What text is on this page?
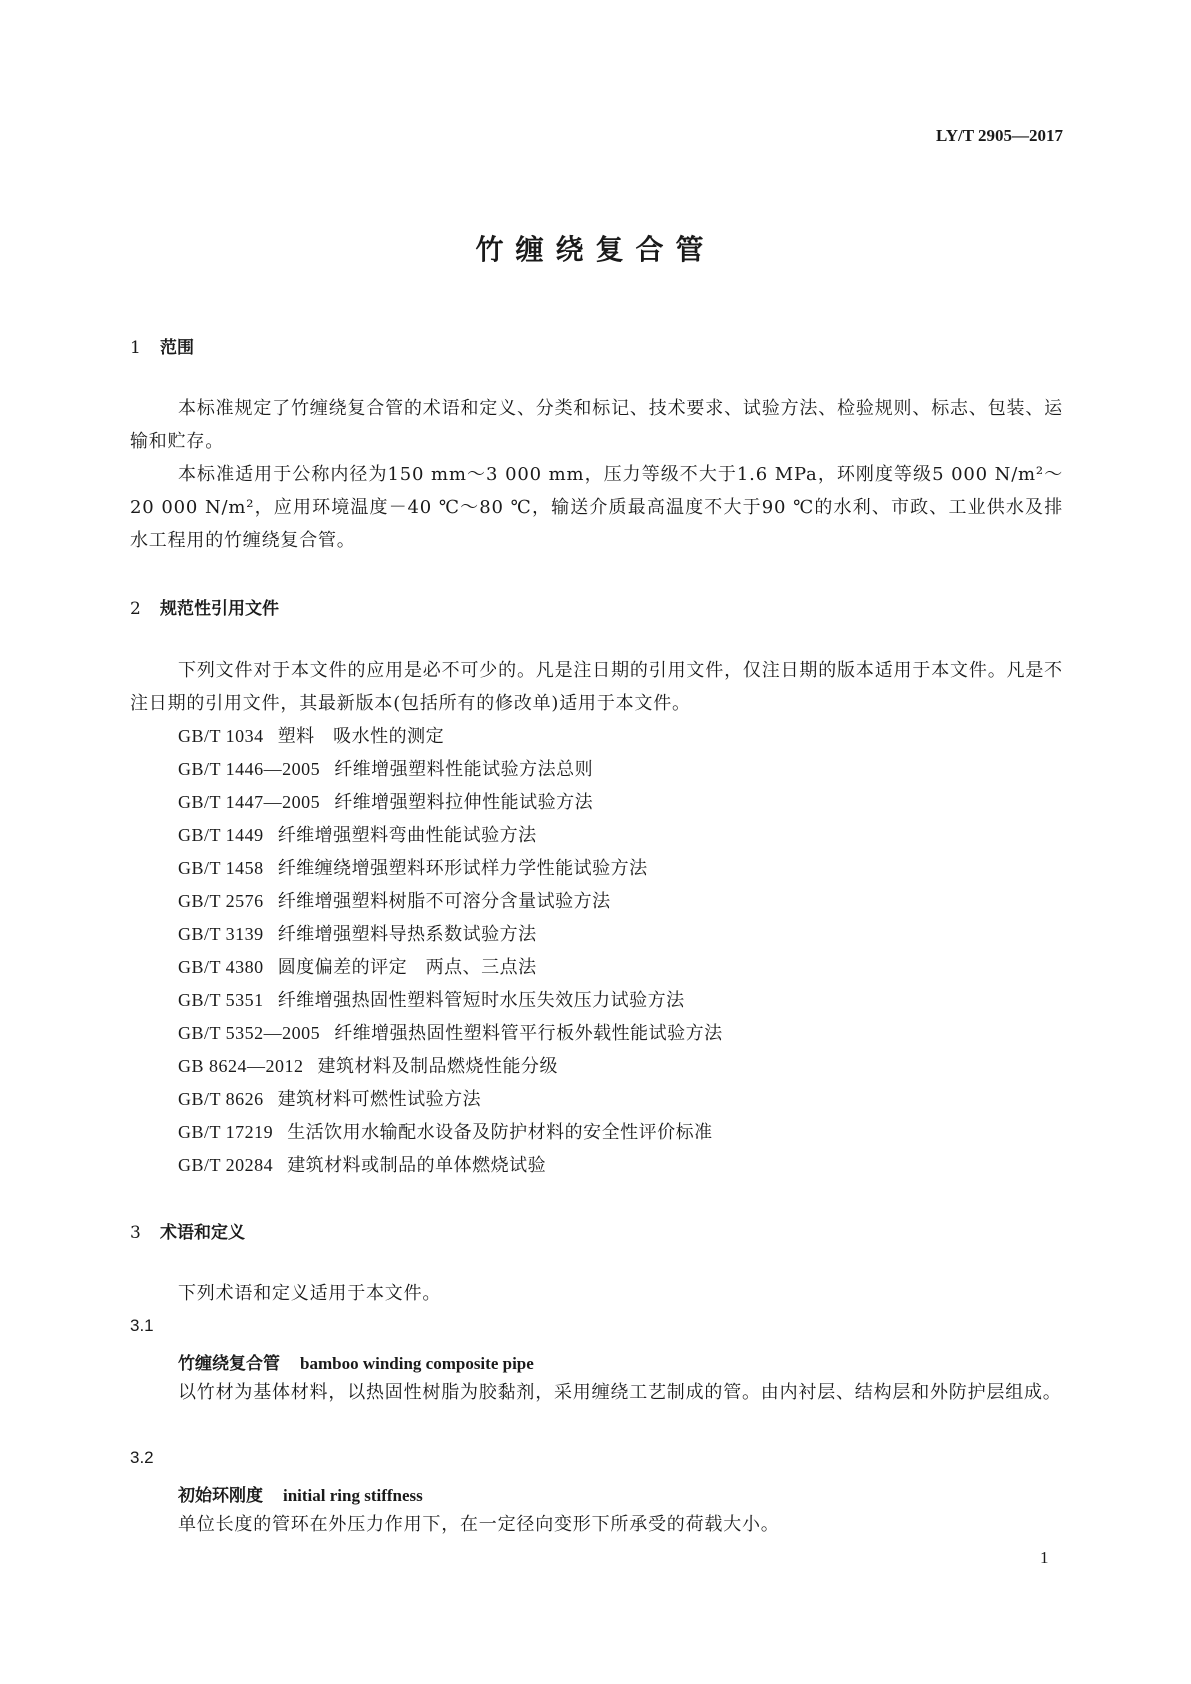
LY/T 2905—2017
竹缠绕复合管
1 范围

本标准规定了竹缠绕复合管的术语和定义、分类和标记、技术要求、试验方法、检验规则、标志、包装、运输和贮存。

本标准适用于公称内径为150 mm～3 000 mm，压力等级不大于1.6 MPa，环刚度等级5 000 N/m²～20 000 N/m²，应用环境温度－40 ℃～80 ℃，输送介质最高温度不大于90 ℃的水利、市政、工业供水及排水工程用的竹缠绕复合管。

2 规范性引用文件

下列文件对于本文件的应用是必不可少的。凡是注日期的引用文件，仅注日期的版本适用于本文件。凡是不注日期的引用文件，其最新版本(包括所有的修改单)适用于本文件。

GB/T 1034 塑料　吸水性的测定
GB/T 1446—2005 纤维增强塑料性能试验方法总则
GB/T 1447—2005 纤维增强塑料拉伸性能试验方法
GB/T 1449 纤维增强塑料弯曲性能试验方法
GB/T 1458 纤维缠绕增强塑料环形试样力学性能试验方法
GB/T 2576 纤维增强塑料树脂不可溶分含量试验方法
GB/T 3139 纤维增强塑料导热系数试验方法
GB/T 4380 圆度偏差的评定　两点、三点法
GB/T 5351 纤维增强热固性塑料管短时水压失效压力试验方法
GB/T 5352—2005 纤维增强热固性塑料管平行板外载性能试验方法
GB 8624—2012 建筑材料及制品燃烧性能分级
GB/T 8626 建筑材料可燃性试验方法
GB/T 17219 生活饮用水输配水设备及防护材料的安全性评价标准
GB/T 20284 建筑材料或制品的单体燃烧试验
3 术语和定义

下列术语和定义适用于本文件。

3.1
竹缠绕复合管 bamboo winding composite pipe

以竹材为基体材料，以热固性树脂为胶黏剂，采用缠绕工艺制成的管。由内衬层、结构层和外防护层组成。

3.2
初始环刚度 initial ring stiffness

单位长度的管环在外压力作用下，在一定径向变形下所承受的荷载大小。

1
